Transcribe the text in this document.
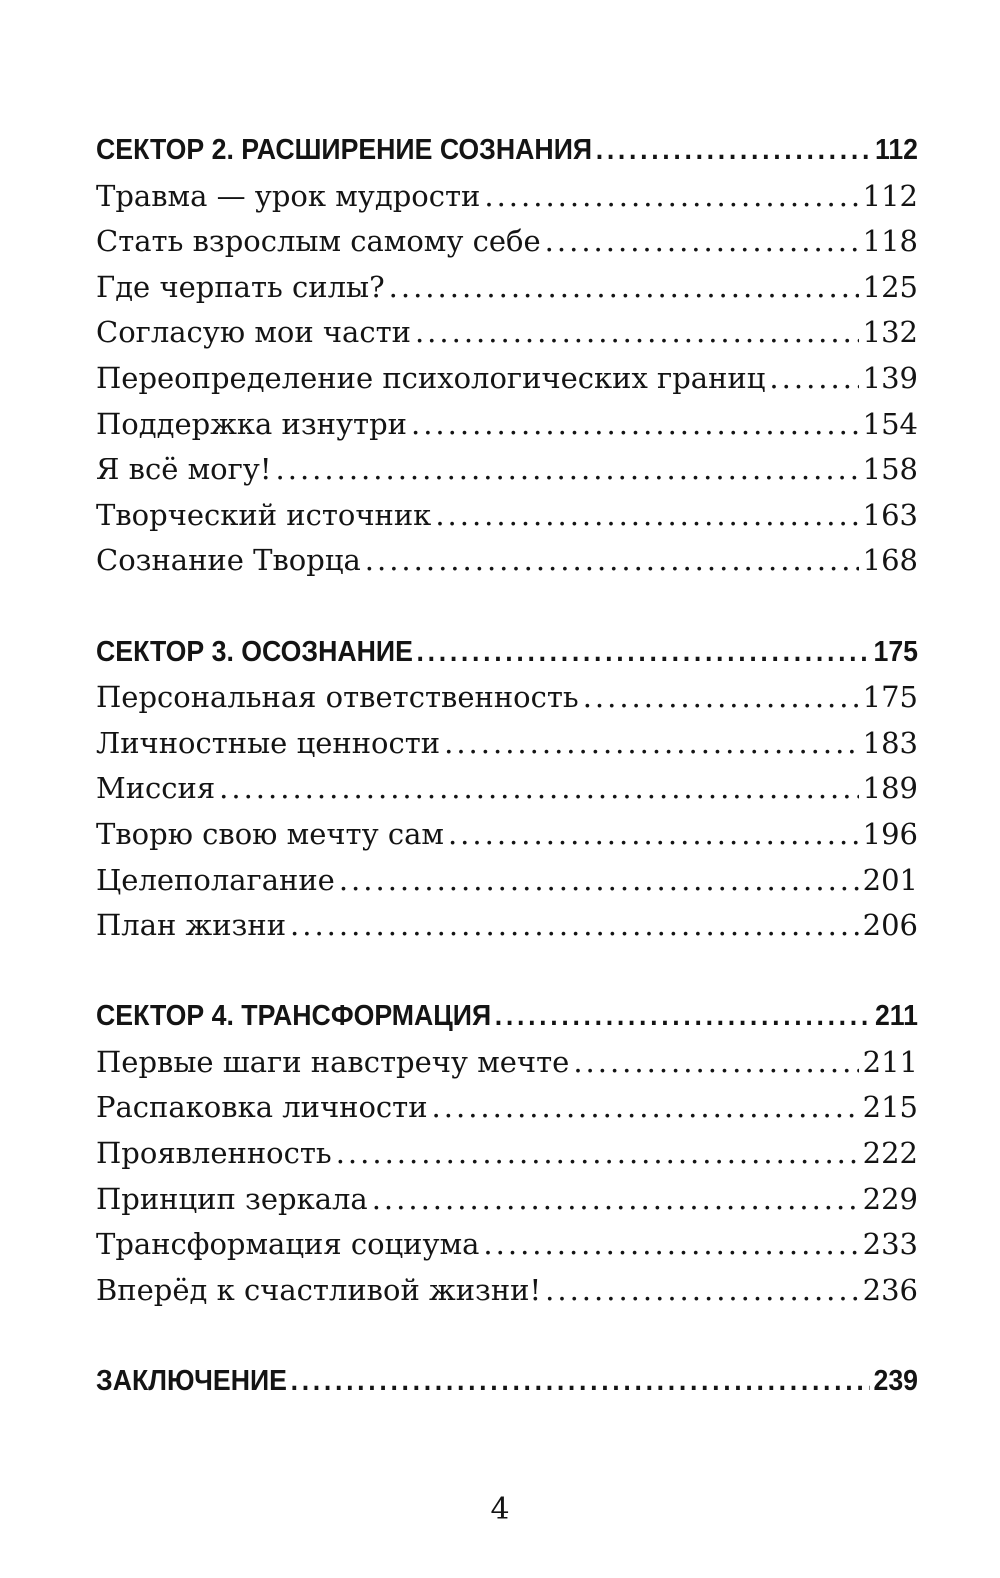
СЕКТОР 2. РАСШИРЕНИЕ СОЗНАНИЯ .....	112
Травма — урок мудрости .....	112
Стать взрослым самому себе .....	118
Где черпать силы? .....	125
Согласую мои части .....	132
Переопределение психологических границ .....	139
Поддержка изнутри .....	154
Я всё могу! .....	158
Творческий источник .....	163
Сознание Творца .....	168
СЕКТОР 3. ОСОЗНАНИЕ .....	175
Персональная ответственность .....	175
Личностные ценности .....	183
Миссия .....	189
Творю свою мечту сам .....	196
Целеполагание .....	201
План жизни .....	206
СЕКТОР 4. ТРАНСФОРМАЦИЯ .....	211
Первые шаги навстречу мечте .....	211
Распаковка личности .....	215
Проявленность .....	222
Принцип зеркала .....	229
Трансформация социума .....	233
Вперёд к счастливой жизни! .....	236
ЗАКЛЮЧЕНИЕ .....	239
4
